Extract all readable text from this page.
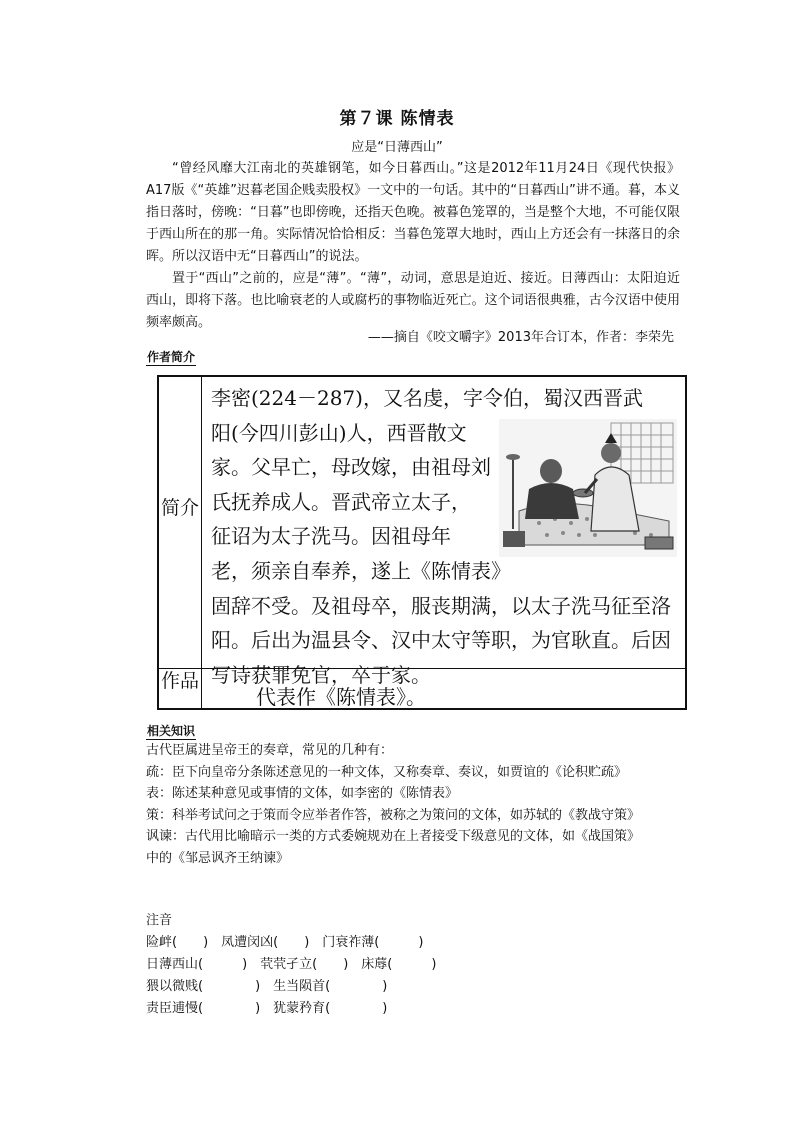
第７课 陈情表
应是“日薄西山”

“曾经风靡大江南北的英雄钢笔，如今日暮西山。”这是2012年11月24日《现代快报》A17版《“英雄”迟暮老国企贱卖股权》一文中的一句话。其中的“日暮西山”讲不通。暮，本义指日落时，傍晚：“日暮”也即傍晚，还指天色晚。被暮色笼罩的，当是整个大地，不可能仅限于西山所在的那一角。实际情况恰恰相反：当暮色笼罩大地时，西山上方还会有一抹落日的余晖。所以汉语中无“日暮西山”的说法。

置于“西山”之前的，应是“薄”。“薄”，动词，意思是迫近、接近。日薄西山：太阳迫近西山，即将下落。也比喻衰老的人或腐朽的事物临近死亡。这个词语很典雅，古今汉语中使用频率颇高。

——摘自《咬文嚼字》2013年合订本，作者：李荣先
作者简介
简介
作品
李密(224－287)，又名虔，字令伯，蜀汉西晋武
阳(今四川彭山)人，西晋散文
家。父早亡，母改嫁，由祖母刘
氏抚养成人。晋武帝立太子，
征诏为太子洗马。因祖母年
老，须亲自奉养，遂上《陈情表》
固辞不受。及祖母卒，服丧期满，以太子洗马征至洛
阳。后出为温县令、汉中太守等职，为官耿直。后因
写诗获罪免官，卒于家。
代表作《陈情表》。
相关知识
古代臣属进呈帝王的奏章，常见的几种有：
疏：臣下向皇帝分条陈述意见的一种文体，又称奏章、奏议，如贾谊的《论积贮疏》
表：陈述某种意见或事情的文体，如李密的《陈情表》
策：科举考试问之于策而令应举者作答，被称之为策问的文体，如苏轼的《教战守策》
讽谏：古代用比喻暗示一类的方式委婉规劝在上者接受下级意见的文体，如《战国策》
中的《邹忌讽齐王纳谏》
注音
险衅(　　)　凤遭闵凶(　　)　门衰祚薄(　　　)
日薄西山(　　　)　茕茕孑立(　　)　床蓐(　　　)
猥以微贱(　　　　)　生当陨首(　　　　)
责臣逋慢(　　　　)　犹蒙矜育(　　　　)
